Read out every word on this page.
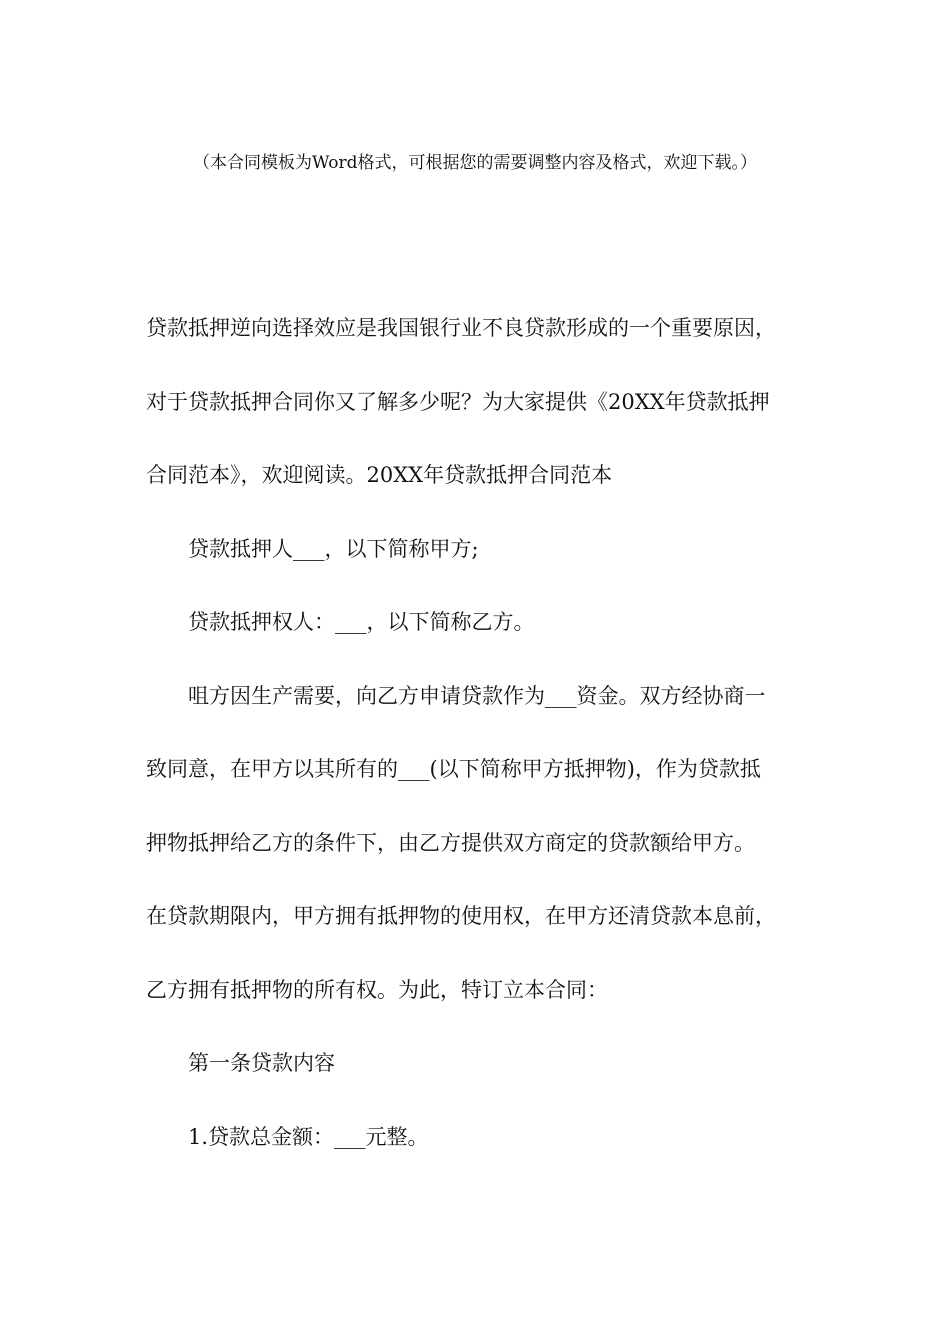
（本合同模板为Word格式，可根据您的需要调整内容及格式，欢迎下载。）
贷款抵押逆向选择效应是我国银行业不良贷款形成的一个重要原因，
对于贷款抵押合同你又了解多少呢？为大家提供《20XX年贷款抵押
合同范本》，欢迎阅读。20XX年贷款抵押合同范本
贷款抵押人___，以下简称甲方;
贷款抵押权人：___，以下简称乙方。
咀方因生产需要，向乙方申请贷款作为___资金。双方经协商一
致同意，在甲方以其所有的___(以下简称甲方抵押物)，作为贷款抵
押物抵押给乙方的条件下，由乙方提供双方商定的贷款额给甲方。
在贷款期限内，甲方拥有抵押物的使用权，在甲方还清贷款本息前，
乙方拥有抵押物的所有权。为此，特订立本合同：
第一条贷款内容
1.贷款总金额：___元整。
